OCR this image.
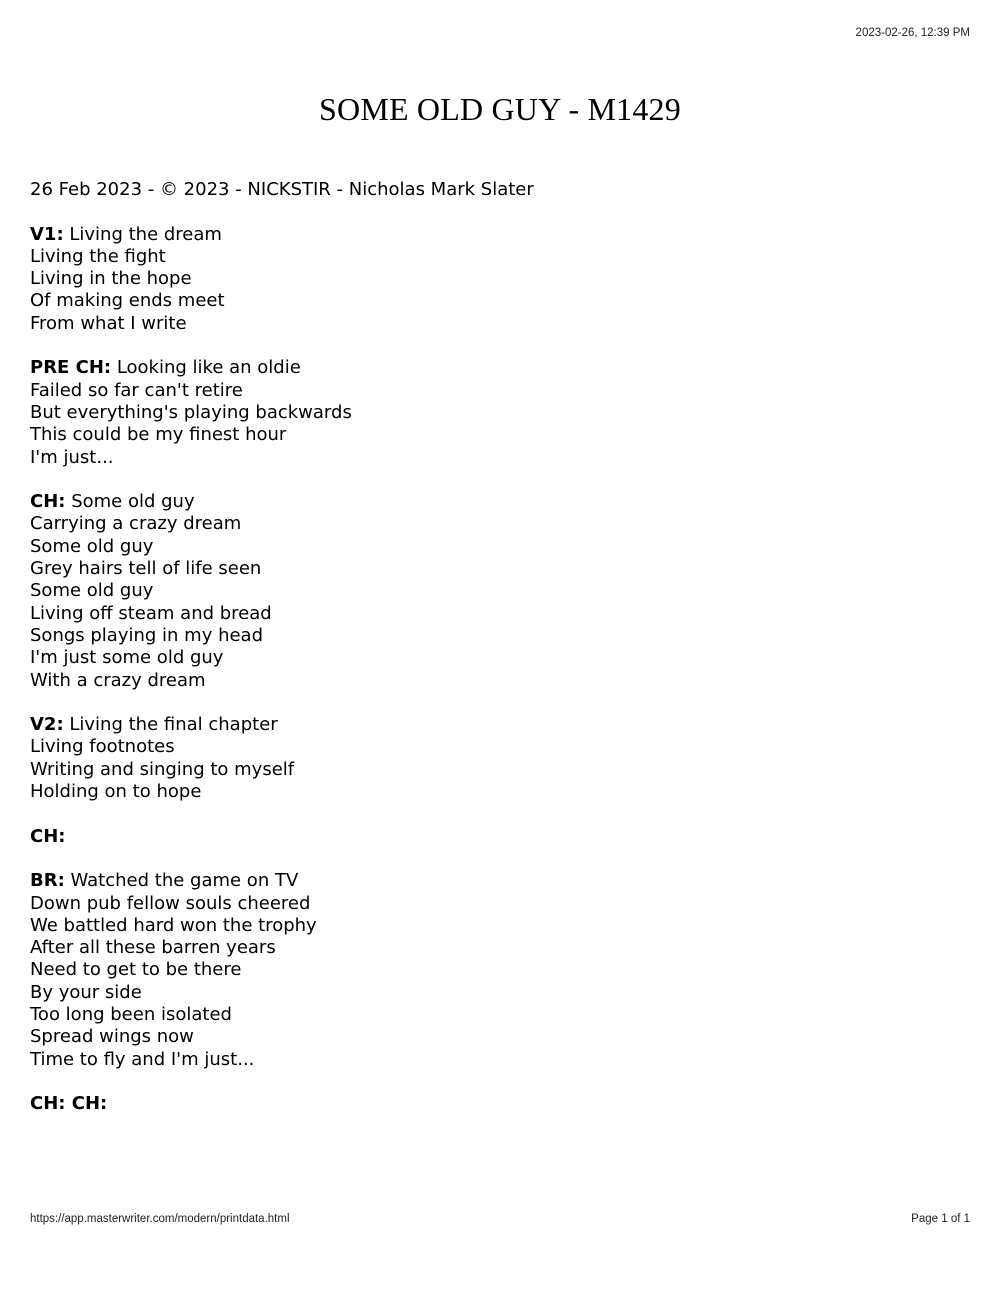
2023-02-26, 12:39 PM
SOME OLD GUY - M1429
26 Feb 2023 - © 2023 - NICKSTIR - Nicholas Mark Slater
V1: Living the dream
Living the fight
Living in the hope
Of making ends meet
From what I write
PRE CH: Looking like an oldie
Failed so far can't retire
But everything's playing backwards
This could be my finest hour
I'm just...
CH: Some old guy
Carrying a crazy dream
Some old guy
Grey hairs tell of life seen
Some old guy
Living off steam and bread
Songs playing in my head
I'm just some old guy
With a crazy dream
V2: Living the final chapter
Living footnotes
Writing and singing to myself
Holding on to hope
CH:
BR: Watched the game on TV
Down pub fellow souls cheered
We battled hard won the trophy
After all these barren years
Need to get to be there
By your side
Too long been isolated
Spread wings now
Time to fly and I'm just...
CH: CH:
https://app.masterwriter.com/modern/printdata.html	Page 1 of 1
